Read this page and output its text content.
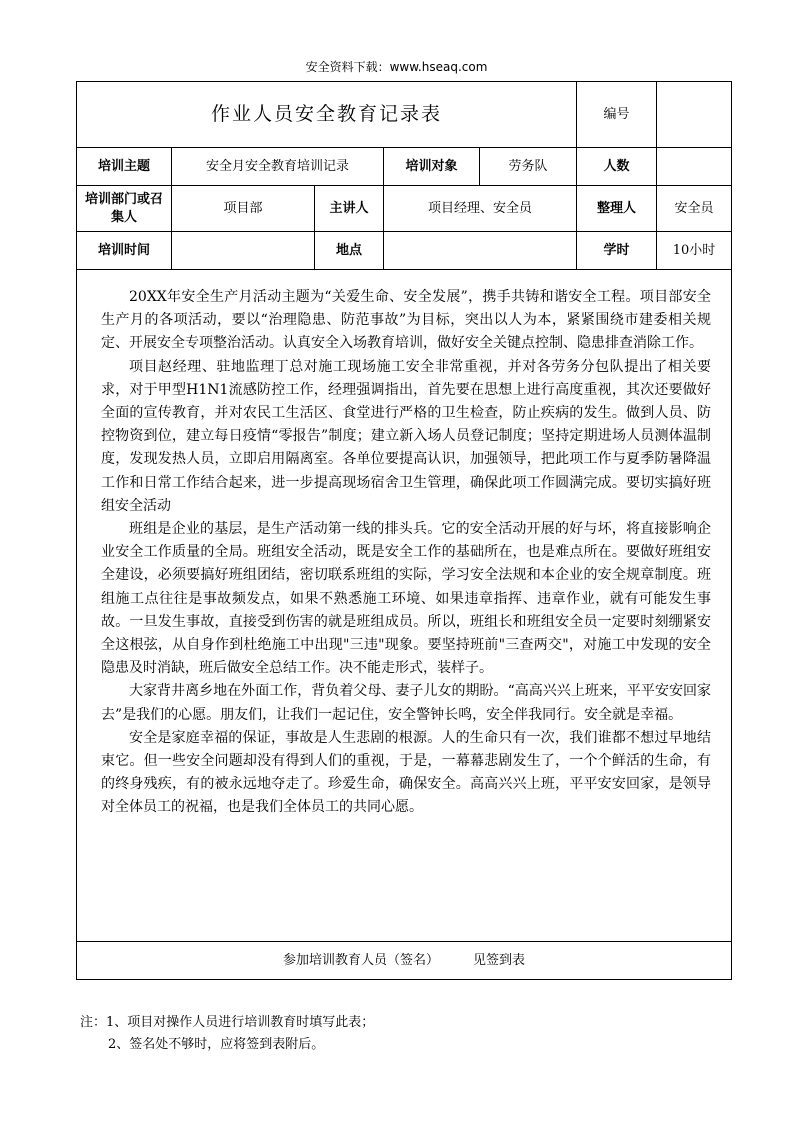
安全资料下载：www.hseaq.com
作业人员安全教育记录表					编号	
培训主题	安全月安全教育培训记录		培训对象	劳务队	人数	
培训部门或召集人	项目部	主讲人	项目经理、安全员		整理人	安全员
培训时间		地点			学时	10小时

20XX年安全生产月活动主题为“关爱生命、安全发展”，携手共铸和谐安全工程。项目部安全生产月的各项活动，要以“治理隐患、防范事故”为目标，突出以人为本，紧紧围绕市建委相关规定、开展安全专项整治活动。认真安全入场教育培训，做好安全关键点控制、隐患排查消除工作。

项目赵经理、驻地监理丁总对施工现场施工安全非常重视，并对各劳务分包队提出了相关要求，对于甲型H1N1流感防控工作，经理强调指出，首先要在思想上进行高度重视，其次还要做好全面的宣传教育，并对农民工生活区、食堂进行严格的卫生检查，防止疾病的发生。做到人员、防控物资到位，建立每日疫情“零报告”制度；建立新入场人员登记制度；坚持定期进场人员测体温制度，发现发热人员，立即启用隔离室。各单位要提高认识，加强领导，把此项工作与夏季防暑降温工作和日常工作结合起来，进一步提高现场宿舍卫生管理，确保此项工作圆满完成。要切实搞好班组安全活动

班组是企业的基层，是生产活动第一线的排头兵。它的安全活动开展的好与坏，将直接影响企业安全工作质量的全局。班组安全活动，既是安全工作的基础所在，也是难点所在。要做好班组安全建设，必须要搞好班组团结，密切联系班组的实际，学习安全法规和本企业的安全规章制度。班组施工点往往是事故频发点，如果不熟悉施工环境、如果违章指挥、违章作业，就有可能发生事故。一旦发生事故，直接受到伤害的就是班组成员。所以，班组长和班组安全员一定要时刻绷紧安全这根弦，从自身作到杜绝施工中出现"三违"现象。要坚持班前"三查两交"，对施工中发现的安全隐患及时消缺，班后做安全总结工作。决不能走形式，装样子。

大家背井离乡地在外面工作，背负着父母、妻子儿女的期盼。“高高兴兴上班来，平平安安回家去”是我们的心愿。朋友们，让我们一起记住，安全警钟长鸣，安全伴我同行。安全就是幸福。

安全是家庭幸福的保证，事故是人生悲剧的根源。人的生命只有一次，我们谁都不想过早地结束它。但一些安全问题却没有得到人们的重视，于是，一幕幕悲剧发生了，一个个鲜活的生命，有的终身残疾，有的被永远地夺走了。珍爱生命，确保安全。高高兴兴上班，平平安安回家，是领导对全体员工的祝福，也是我们全体员工的共同心愿。						

参加培训教育人员（签名） 见签到表						
注：1、项目对操作人员进行培训教育时填写此表；
2、签名处不够时，应将签到表附后。
